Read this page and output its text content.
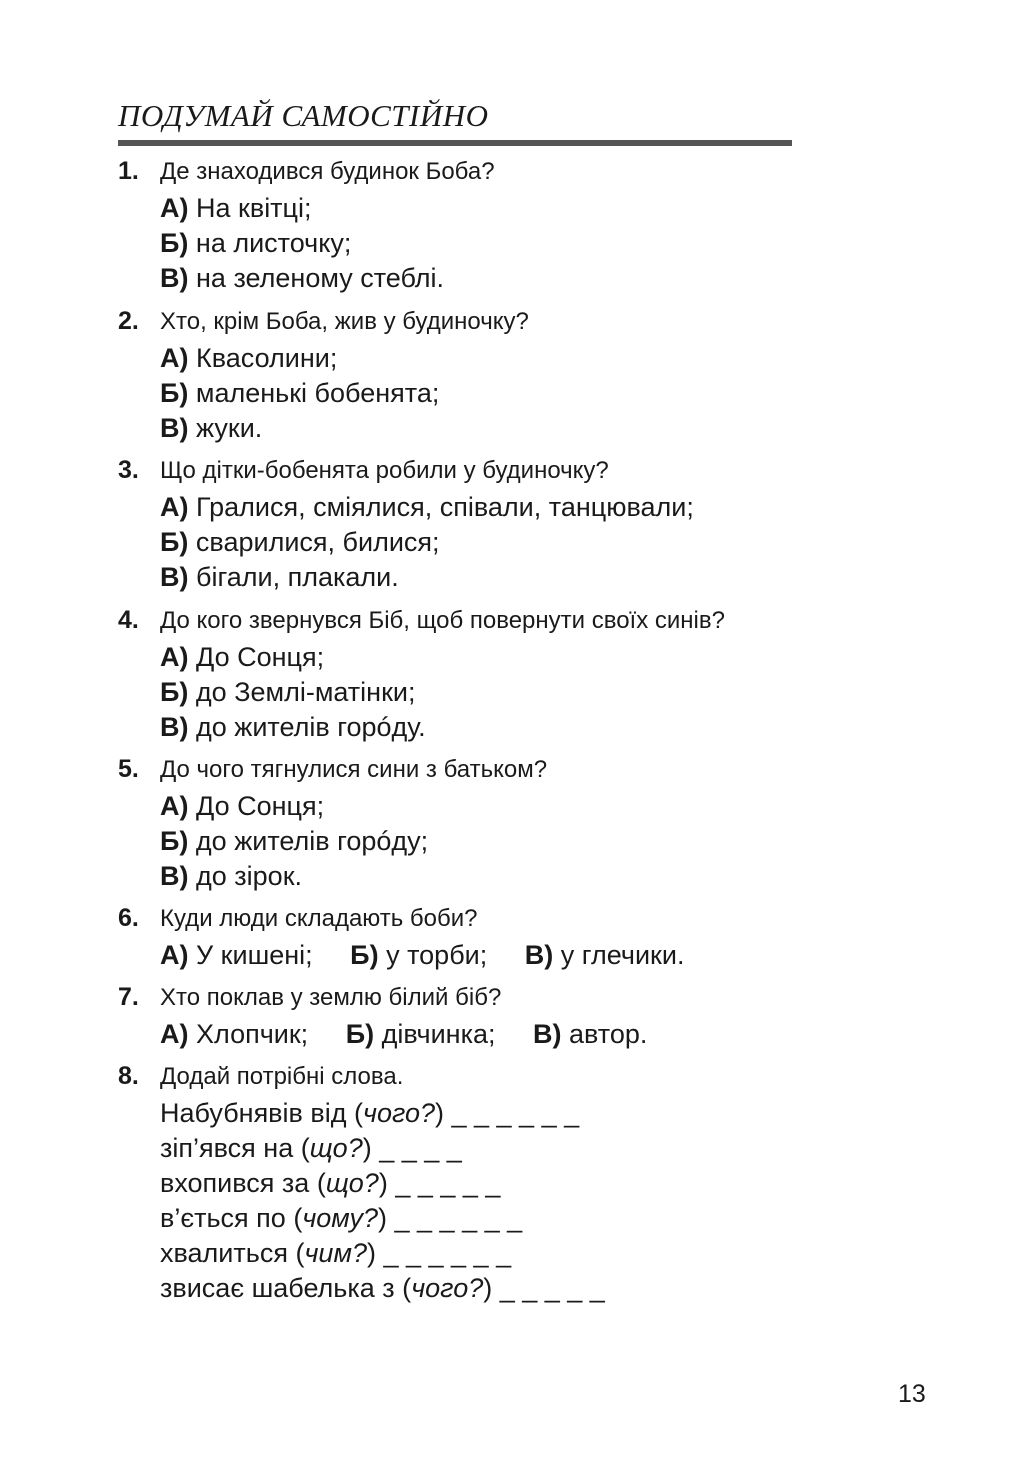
ПОДУМАЙ САМОСТІЙНО
1. Де знаходився будинок Боба?
А) На квітці;
Б) на листочку;
В) на зеленому стеблі.
2. Хто, крім Боба, жив у будиночку?
А) Квасолини;
Б) маленькі бобенята;
В) жуки.
3. Що дітки-бобенята робили у будиночку?
А) Гралися, сміялися, співали, танцювали;
Б) сварилися, билися;
В) бігали, плакали.
4. До кого звернувся Біб, щоб повернути своїх синів?
А) До Сонця;
Б) до Землі-матінки;
В) до жителів горóду.
5. До чого тягнулися сини з батьком?
А) До Сонця;
Б) до жителів горóду;
В) до зірок.
6. Куди люди складають боби?
А) У кишені; Б) у торби; В) у глечики.
7. Хто поклав у землю білий біб?
А) Хлопчик; Б) дівчинка; В) автор.
8. Додай потрібні слова.
Набубнявів від (чого?) _ _ _ _ _ _
зіп’явся на (що?) _ _ _ _
вхопився за (що?) _ _ _ _ _
в’ється по (чому?) _ _ _ _ _ _
хвалиться (чим?) _ _ _ _ _ _
звисає шабелька з (чого?) _ _ _ _ _
13
